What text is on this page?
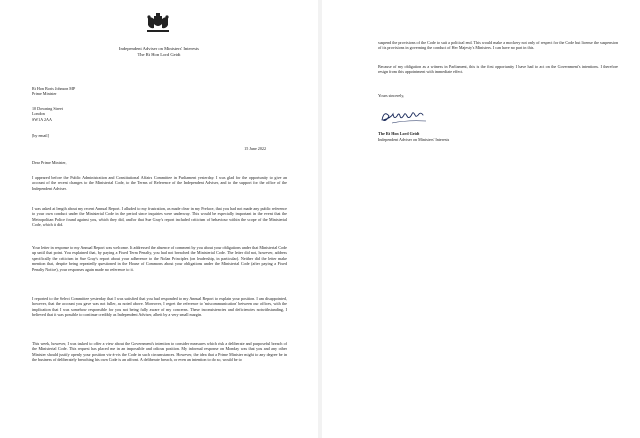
Independent Adviser on Ministers' Interests
The Rt Hon Lord Geidt
Rt Hon Boris Johnson MP
Prime Minister
10 Downing Street
London
SW1A 2AA
[by email]
15 June 2022
Dear Prime Minister,

I appeared before the Public Administration and Constitutional Affairs Committee in Parliament yesterday. I was glad for the opportunity to give an account of the recent changes to the Ministerial Code, to the Terms of Reference of the Independent Adviser, and to the support for the office of the Independent Adviser.

I was asked at length about my recent Annual Report. I alluded to my frustration, as made clear in my Preface, that you had not made any public reference to your own conduct under the Ministerial Code in the period since inquiries were underway. This would be especially important in the event that the Metropolitan Police found against you, which they did, and/or that Sue Gray's report included criticism of behaviour within the scope of the Ministerial Code, which it did.

Your letter in response to my Annual Report was welcome. It addressed the absence of comment by you about your obligations under that Ministerial Code up until that point. You explained that, by paying a Fixed Term Penalty, you had not breached the Ministerial Code. The letter did not, however, address specifically the criticism in Sue Gray's report about your adherence to the Nolan Principles (on leadership, in particular). Neither did the letter make mention that, despite being repeatedly questioned in the House of Commons about your obligations under the Ministerial Code (after paying a Fixed Penalty Notice), your responses again made no reference to it.

I reported to the Select Committee yesterday that I was satisfied that you had responded to my Annual Report to explain your position. I am disappointed, however, that the account you gave was not fuller, as noted above. Moreover, I regret the reference to 'miscommunication' between our offices, with the implication that I was somehow responsible for you not being fully aware of my concerns. These inconsistencies and deficiencies notwithstanding, I believed that it was possible to continue credibly as Independent Adviser, albeit by a very small margin.

This week, however, I was tasked to offer a view about the Government's intention to consider measures which risk a deliberate and purposeful breach of the Ministerial Code. This request has placed me in an impossible and odious position. My informal response on Monday was that you and any other Minister should justify openly your position vis-à-vis the Code in such circumstances. However, the idea that a Prime Minister might to any degree be in the business of deliberately breaching his own Code is an affront. A deliberate breach, or even an intention to do so, would be to

suspend the provisions of the Code to suit a political end. This would make a mockery not only of respect for the Code but license the suspension of its provisions in governing the conduct of Her Majesty's Ministers. I can have no part in this.

Because of my obligation as a witness in Parliament, this is the first opportunity I have had to act on the Government's intentions. I therefore resign from this appointment with immediate effect.

Yours sincerely,
The Rt Hon Lord Geidt
Independent Adviser on Ministers' Interests
